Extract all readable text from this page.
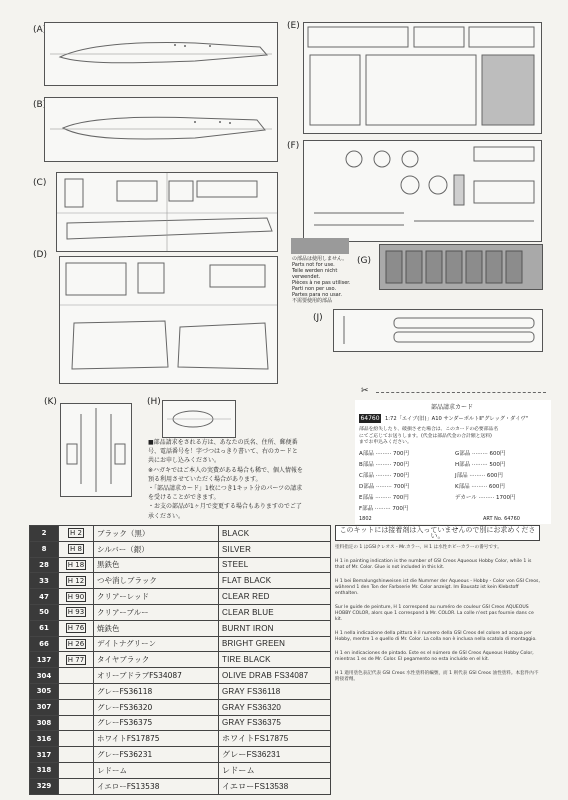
(A
(B
(C)
(D)
(E)
(F)
の部品は使用しません。
Parts not for use.
Teile werden nicht verwendet.
Pièces à ne pas utiliser.
Parti non per uso.
Partes para no usar.
不需要使用的部品
(G)
(J)
(K)	(H)
■部品請求をされる方は、あなたの氏名、住所、郵便番
号、電話番号を！字づつはっきり書いて、右のカードと
共にお申し込みください。
※ハガキではご本人の実費がある場合も稀で、個人情報を
預る利用させていただく場合があります。
・「部品請求カード」1枚につき1キット分のパーツの請求
を受けることができます。
・お支の部品が1ヶ月で変更する場合もありますのでご了
承ください。
✂
部品請求カード
64760 1:72「エイブ(旧)」A10 サンダーボルトⅡ"グレッグ・ダイヴ"
部品を紛失したり、破損させた場合は、このカードの必要部品名
にてご応じてお送りします。(代金は部品代金の合計額と送料)
までお申込みください。
A部品 ········· 700円
B部品 ········· 700円
C部品 ········· 700円
D部品 ········· 700円
E部品 ········· 700円
F部品 ········· 700円
G部品 ········· 600円
H部品 ········· 500円
J部品 ········· 600円
K部品 ········· 600円
デカール ········· 1700円
1802	ART No. 64760
2	H 2	ブラック（黒）	BLACK
8	H 8	シルバー（銀）	SILVER
28	H 18	黒鉄色	STEEL
33	H 12	つや消しブラック	FLAT BLACK
47	H 90	クリアーレッド	CLEAR RED
50	H 93	クリアーブルー	CLEAR BLUE
61	H 76	焼鉄色	BURNT IRON
66	H 26	デイトナグリーン	BRIGHT GREEN
137	H 77	タイヤブラック	TIRE BLACK
304		オリーブドラブFS34087	OLIVE DRAB FS34087
305		グレーFS36118	GRAY FS36118
307		グレーFS36320	GRAY FS36320
308		グレーFS36375	GRAY FS36375
316		ホワイトFS17875	ホワイトFS17875
317		グレーFS36231	グレーFS36231
318		レドーム	レドーム
329		イエローFS13538	イエローFS13538
このキットには接着剤は入っていませんので別にお求めください。

塗料指定の 1 はGSIクレオス・Mr.カラー、H 1 は水性ホビーカラーの番号です。

H 1 in painting indication is the number of GSI Creos Aqueous Hobby Color, while 1 is that of Mr. Color. Glue is not included in this kit.

H 1 bei Bemalungshinweisen ist die Nummer der Aqueous - Hobby - Color von GSI Creos, während 1 den Ton der Farbserie Mr. Color anzeigt. Im Bausatz ist kein Klebstoff enthalten.

Sur le guide de peinture, H 1 correspond au numéro de couleur GSI Creos AQUEOUS HOBBY COLOR, alors que 1 correspond à Mr. COLOR. La colle n'est pas fournie dans ce kit.

H 1 nella indicazione della pittura è il numero della GSI Creos del colore ad acqua per Hobby, mentre 1 e quello di Mr. Color. La colla non è inclusa nella scatola di montaggio.

H 1 en indicaciones de pintado. Este es el número de GSI Creos Aqueous Hobby Color, mientras 1 es de Mr. Color. El pegamento no esta incluido en el kit.

H 1 適用塗色表記代表 GSI Creos 水性塗料的編號，而 1 則代表 GSI Creos 油性塗料。本套件內不附接着劑。
